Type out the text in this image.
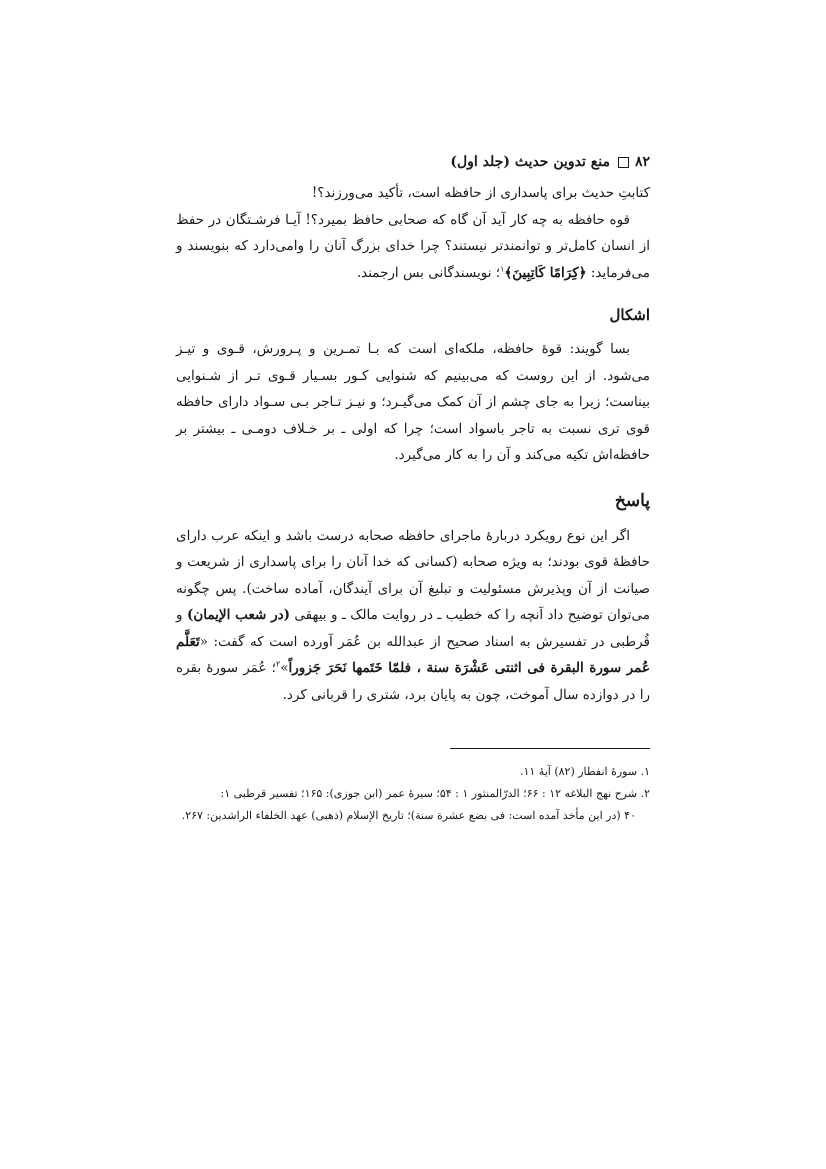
۸۲
منع تدوین حدیث (جلد اول)

کتابتِ حدیث برای پاسداری از حافظه است، تأکید می‌ورزند؟!

قوه حافظه به چه کار آید آن گاه که صحابی حافظ بمیرد؟! آیـا فرشـتگان در حفظ از انسان کامل‌تر و توانمندتر نیستند؟ چرا خدای بزرگ آنان را وامی‌دارد که بنویسند و می‌فرماید: ﴿کِرَامًا كَاتِبِينَ﴾$^۱$؛ نویسندگانی بس ارجمند.

اشکال

بسا گویند: قوهٔ حافظه، ملکه‌ای است که بـا تمـرین و پـرورش، قـوی و تیـز می‌شود. از این روست که می‌بینیم که شنوایی کـور بسـیار قـوی تـر از شـنوایی بیناست؛ زیرا به جای چشم از آن کمک می‌گیـرد؛ و نیـز تـاجر بـی سـواد دارای حافظه قوی تری نسبت به تاجر باسواد است؛ چرا که اولی ـ بر خـلاف دومـی ـ بیشتر بر حافظه‌اش تکیه می‌کند و آن را به کار می‌گیرد.

پاسخ

اگر این نوع رویکرد دربارهٔ ماجرای حافظه صحابه درست باشد و اینکه عرب دارای حافظهٔ قوی بودند؛ به ویژه صحابه (کسانی که خدا آنان را برای پاسداری از شریعت و صیانت از آن وپذیرش مسئولیت و تبلیغ آن برای آیندگان، آماده ساخت). پس چگونه می‌توان توضیح داد آنچه را که خطیب ـ در روایت مالک ـ و بیهقی (در شعب الإيمان) و قُرطبی در تفسیرش به اسناد صحیح از عبدالله بن عُمَر آورده است که گفت: «تَعَلَّم عُمر سورة البقرة فى اثنتى عَشْرَة سنة ، فلمّا خَتَمها نَحَرَ جَزوراً»$^۲$؛ عُمَر سورهٔ بقره را در دوازده سال آموخت، چون به پایان برد، شتری را قربانی کرد.

۱. سورهٔ انفطار (۸۲) آیهٔ ۱۱.
۲. شرح نهج البلاغه ۱۲ : ۶۶؛ الدرّالمنثور ۱ : ۵۴؛ سیرهٔ عمر (ابن جوزی): ۱۶۵؛ تفسیر قرطبی ۱:
۴۰ (در این مأخذ آمده است: فی بضع عشرة سنة)؛ تاریخ الإسلام (ذهبی) عهد الخلفاء الراشدین: ۲۶۷.
